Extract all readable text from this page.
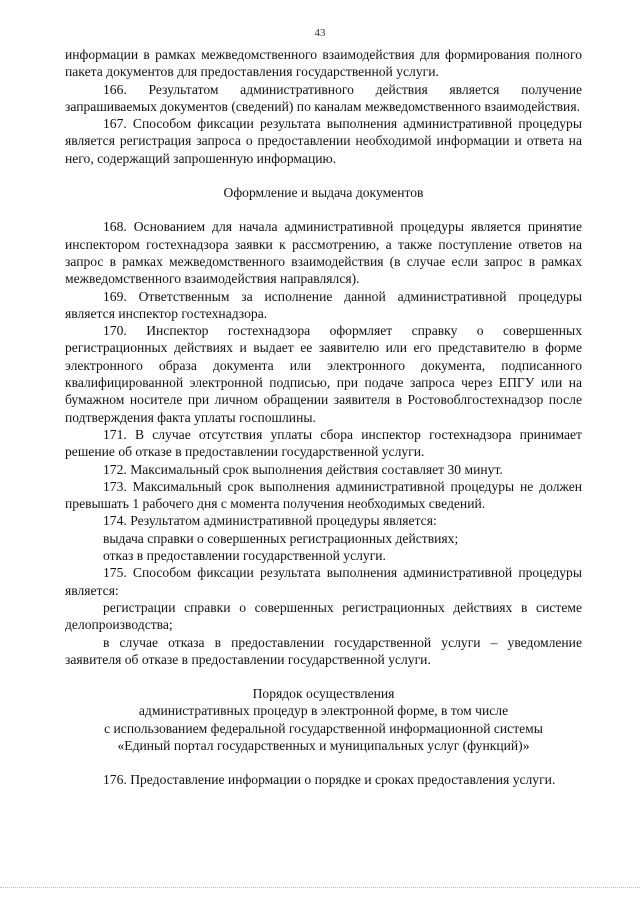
43

информации в рамках межведомственного взаимодействия для формирования полного пакета документов для предоставления государственной услуги.

166. Результатом административного действия является получение запрашиваемых документов (сведений) по каналам межведомственного взаимодействия.

167. Способом фиксации результата выполнения административной процедуры является регистрация запроса о предоставлении необходимой информации и ответа на него, содержащий запрошенную информацию.

Оформление и выдача документов

168. Основанием для начала административной процедуры является принятие инспектором гостехнадзора заявки к рассмотрению, а также поступление ответов на запрос в рамках межведомственного взаимодействия (в случае если запрос в рамках межведомственного взаимодействия направлялся).

169. Ответственным за исполнение данной административной процедуры является инспектор гостехнадзора.

170. Инспектор гостехнадзора оформляет справку о совершенных регистрационных действиях и выдает ее заявителю или его представителю в форме электронного образа документа или электронного документа, подписанного квалифицированной электронной подписью, при подаче запроса через ЕПГУ или на бумажном носителе при личном обращении заявителя в Ростовоблгостехнадзор после подтверждения факта уплаты госпошлины.

171. В случае отсутствия уплаты сбора инспектор гостехнадзора принимает решение об отказе в предоставлении государственной услуги.

172. Максимальный срок выполнения действия составляет 30 минут.

173. Максимальный срок выполнения административной процедуры не должен превышать 1 рабочего дня с момента получения необходимых сведений.

174. Результатом административной процедуры является:

выдача справки о совершенных регистрационных действиях;

отказ в предоставлении государственной услуги.

175. Способом фиксации результата выполнения административной процедуры является:

регистрации справки о совершенных регистрационных действиях в системе делопроизводства;

в случае отказа в предоставлении государственной услуги – уведомление заявителя об отказе в предоставлении государственной услуги.

Порядок осуществления

административных процедур в электронной форме, в том числе

с использованием федеральной государственной информационной системы

«Единый портал государственных и муниципальных услуг (функций)»

176. Предоставление информации о порядке и сроках предоставления услуги.
